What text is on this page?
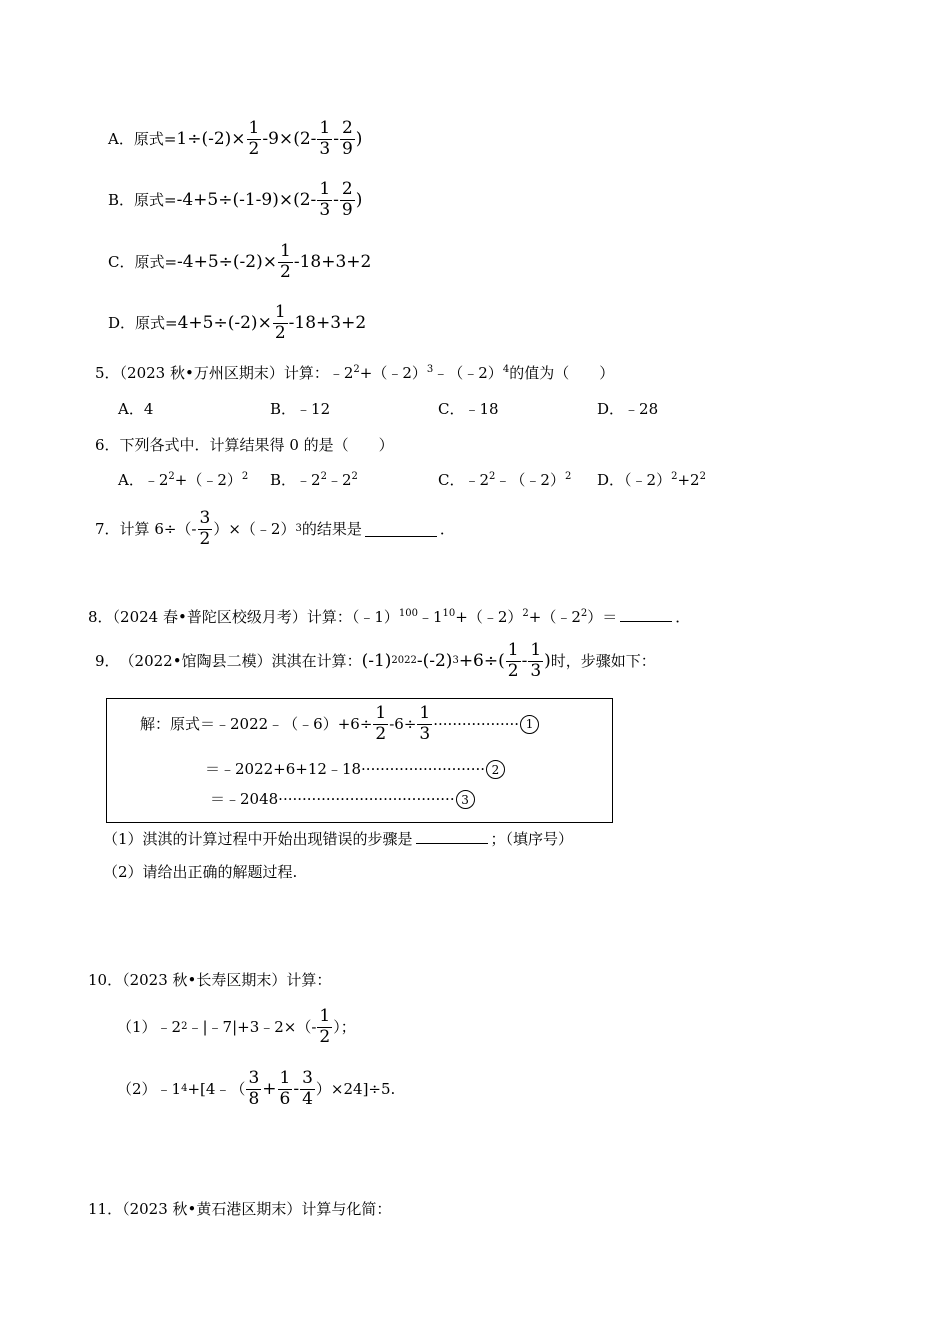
A．原式= $1\div (-2) \times \frac{1}{2} -9\times (2- \frac{1}{3} - \frac{2}{9}$ )
B．原式= $-4+5\div (-1-9) \times (2- \frac{1}{3} - \frac{2}{9}$ )
C．原式= $-4+5\div (-2) \times \frac{1}{2} -18+3+2$
D．原式= $4+5\div (-2) \times \frac{1}{2} -18+3+2$
5．（2023 秋•万州区期末）计算：$﹣2^2+(﹣2)^3﹣(﹣2)^4$的值为（　　）
A．4	B．﹣12	C．﹣18	D．﹣28
6．下列各式中．计算结果得 0 的是（　　）
A．$﹣2^2+(﹣2)^2$ B．$﹣2^2﹣2^2$	C．$﹣2^2﹣(﹣2)^2$ D．$(﹣2)^2+2^2$
7． 计算 $6\div(- \frac{3}{2}$ ）×（﹣2） 3 的结果是	．
8．（2024 春•普陀区校级月考）计算：$(﹣1)^{100}﹣1^{10}+(﹣2)^2+(﹣2^2)=$	．
9． （2022•馆陶县二模）淇淇在计算： (-1) 2022 -(-2) $3 +6\div( \frac{1}{2} - \frac{1}{3}$ ) 时，步骤如下：
解：原式＝﹣2022﹣（﹣6）+6÷ $\frac{1}{2} -6\div \frac{1}{3}$ ·················· 1
＝﹣2022+6+12﹣18·························· 2
＝﹣2048····································· 3
（1）淇淇的计算过程中开始出现错误的步骤是	；（填序号）
（2）请给出正确的解题过程.
10．（2023 秋•长寿区期末）计算：
（1）﹣2 2 ﹣|﹣7|+3﹣2×（- $\frac{1}{2}$ ）；
（2）﹣1 4 +[4﹣（ $\frac{3}{8} + \frac{1}{6} - \frac{3}{4} )\times 24]\div 5$.
11．（2023 秋•黄石港区期末）计算与化简：
